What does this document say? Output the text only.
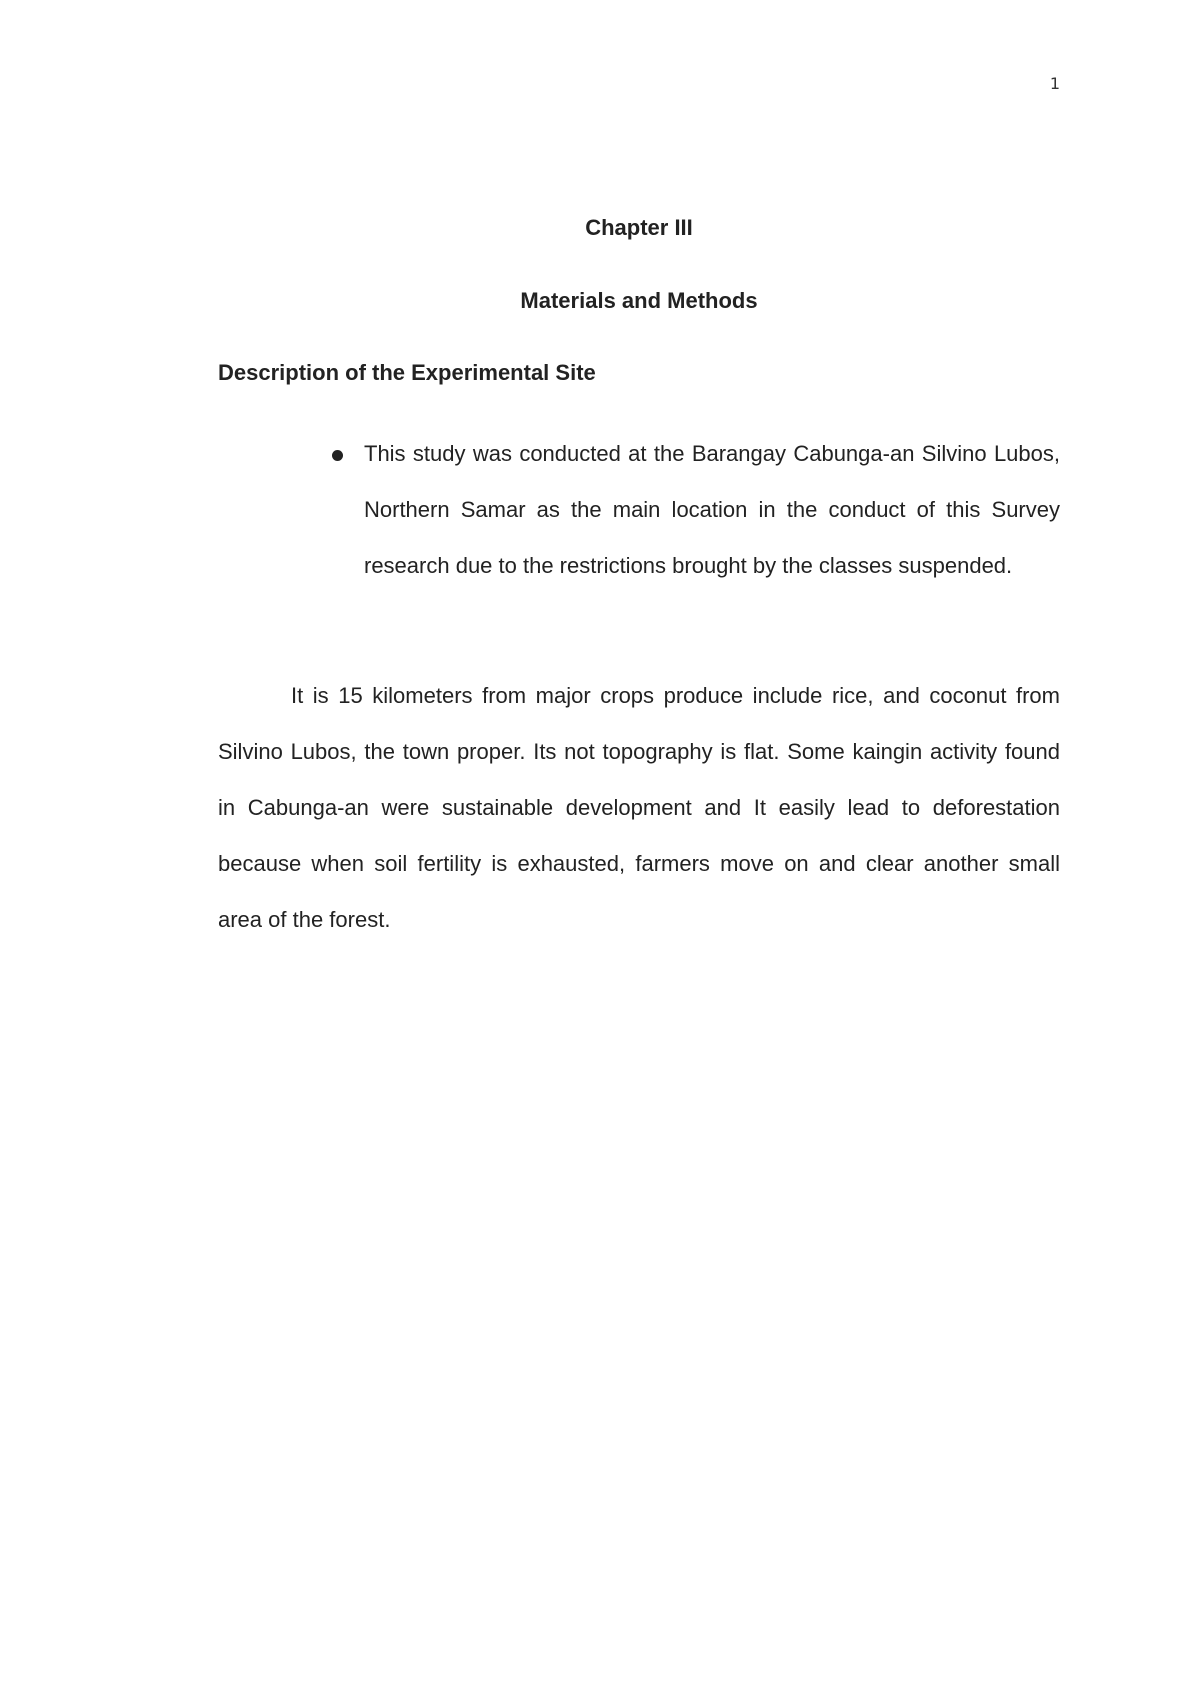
1
Chapter III
Materials and Methods
Description of the Experimental Site
This study was conducted at the Barangay Cabunga-an Silvino Lubos, Northern Samar as the main location in the conduct of this Survey research due to the restrictions brought by the classes suspended.

It is 15 kilometers from major crops produce include rice, and coconut from Silvino Lubos, the town proper. Its not topography is flat. Some kaingin activity found in Cabunga-an were sustainable development and It easily lead to deforestation because when soil fertility is exhausted, farmers move on and clear another small area of the forest.
